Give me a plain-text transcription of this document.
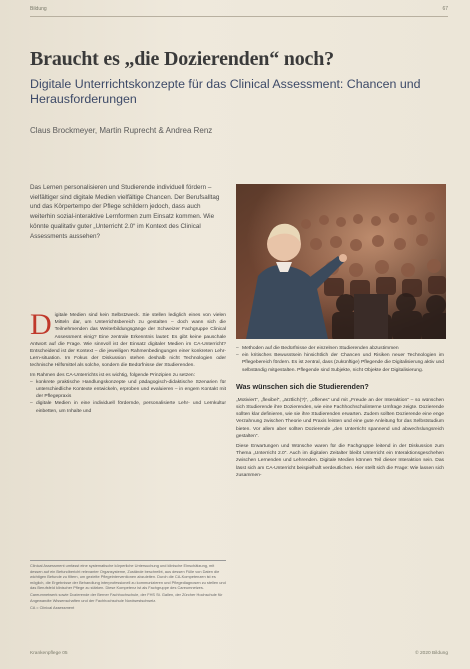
Bildung	67
Braucht es „die Dozierenden“ noch?
Digitale Unterrichtskonzepte für das Clinical Assessment: Chancen und Herausforderungen
Claus Brockmeyer, Martin Ruprecht & Andrea Renz
Das Lernen personalisieren und Studierende individuell fördern – vielfältiger sind digitale Medien vielfältige Chancen. Der Berufsalltag und das Körpertempo der Pflege schildern jedoch, dass auch weiterhin sozial-interaktive Lernformen zum Einsatz kommen. Wie könnte qualitativ guter „Unterricht 2.0“ im Kontext des Clinical Assessments aussehen?

Digitale Medien sind kein Selbstzweck. Sie stellen lediglich eines von vielen Mitteln dar, um Unterrichtsbereich zu gestalten – doch wann sich die Teilnehmenden das Weiterbildungsgänge der Schweizer Fachgruppe Clinical Assessment einig? Eine zentrale Erkenntnis lautet: Es gibt keine pauschale Antwort auf die Frage. Wie sinnvoll ist der Einsatz digitaler Medien im CA-Unterricht? Entscheidend ist der Kontext – die jeweiligen Rahmenbedingungen einer konkreten Lehr-Lern-situation. Im Fokus der Diskussion stehen deshalb nicht Technologien oder technische Hilfsmittel als solche, sondern die Bedürfnisse der Studierenden.

Im Rahmen des CA-Unterrichts ist es wichtig, folgende Prinzipien zu setzen:

– konkrete praktische Handlungskonzepte und pädagogisch-didaktische Szenarien für unterschiedliche Kontexte entwickeln, erproben und evaluieren – in engem Kontakt mit der Pflegepraxis
– digitale Medien in eine individuell fördernde, personalisierte Lehr- und Lernkultur einbetten, um Inhalte und
– Methoden auf die Bedürfnisse der einzelnen Studierenden abzustimmen
– ein kritisches Bewusstsein hinsichtlich der Chancen und Risiken neuer Technologien im Pflegebereich fördern. Es ist zentral, dass (zukünftige) Pflegende die Digitalisierung aktiv und selbständig mitgestalten. Pflegende sind Subjekte, nicht Objekte der Digitalisierung.
Was wünschen sich die Studierenden?

„Motiviert“, „flexibel“, „ärztlich(?)“, „offenes“ und mit „Freude an der Interaktion“ – so wünschen sich Studierende ihre Dozierenden, wie eine Fachhochschulinterne Umfrage zeigte. Dozierende sollten klar definieren, wie sie ihre Studierenden erwarten. Zudem sollten Dozierende eine enge Verzahnung zwischen Theorie und Praxis leisten und eine gute Anleitung für das Selbststudium bieten. Vor allem aber sollten Dozierende „den Unterricht spannend und abwechslungsreich gestalten“.

Diese Erwartungen und Wünsche waren für die Fachgruppe leitend in der Diskussion zum Thema „Unterricht 2.0“. Auch im digitalen Zeitalter bleibt Unterricht ein Interaktionsgeschehen zwischen Lernenden und Lehrenden. Digitale Medien können Teil dieser Interaktion sein. Das lässt sich am CA-Unterricht beispielhaft verdeutlichen. Hier stellt sich die Frage: Wie lassen sich zusammen-

Clinical Assessment umfasst eine systematische körperliche Untersuchung und klinische Einschätzung, mit dessen auf ein Befundbericht relevanter Organsysteme, Zustände beschreibt, aus dessen Fülle von Daten die wichtigen Befunde zu filtern, um gezielte Pflegeinterventionen abzuleiten. Durch die CA-Kompetenzen ist es möglich, die Ergebnisse der Behandlung interprofessionell zu kommunizieren und Pflegediagnosen zu stellen und das Berufsfeld klinischer Pflege zu stärken. Diese Kompetenz ist als Fachgruppe des Careumnetzes.

Careumnetwerk sowie Dozierende der Berner Fachhochschule, der FHS St. Gallen, der Zürcher Hochschule für Angewandte Wissenschaften und der Fachhochschule Nordwestschweiz.

CA = Clinical Assessment

Krankenpflege 05	© 2020 Bildung
